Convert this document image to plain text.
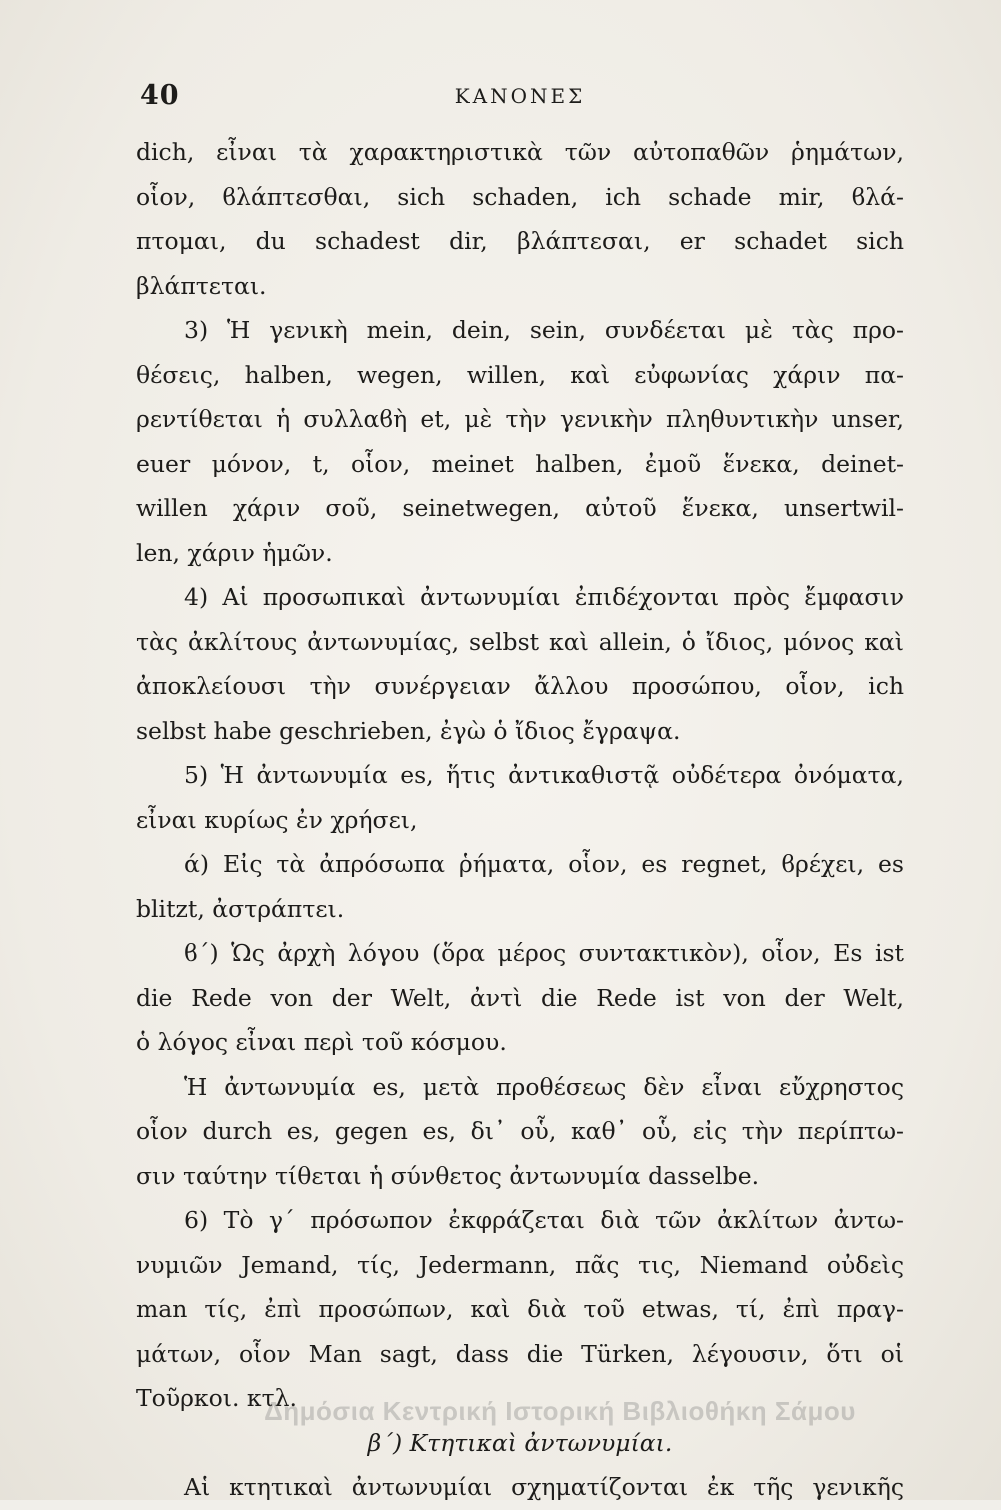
40	ΚΑΝΟΝΕΣ
dich, εἶναι τὰ χαρακτηριστικὰ τῶν αὐτοπαθῶν ῥημάτων,
οἷον, ϐλάπτεσθαι, sich schaden, ich schade mir, ϐλά-
πτομαι, du schadest dir, βλάπτεσαι, er schadet sich
βλάπτεται.
3) Ἡ γενικὴ mein, dein, sein, συνδέεται μὲ τὰς προ-
θέσεις, halben, wegen, willen, καὶ εὐφωνίας χάριν πα-
ρεντίθεται ἡ συλλαϐὴ et, μὲ τὴν γενικὴν πληθυντικὴν unser,
euer μόνον, t, οἷον, meinet halben, ἐμοῦ ἕνεκα, deinet-
willen χάριν σοῦ, seinetwegen, αὐτοῦ ἕνεκα, unsertwil-
len, χάριν ἡμῶν.
4) Αἱ προσωπικαὶ ἀντωνυμίαι ἐπιδέχονται πρὸς ἔμφασιν
τὰς ἀκλίτους ἀντωνυμίας, selbst καὶ allein, ὁ ἴδιος, μόνος καὶ
ἀποκλείουσι τὴν συνέργειαν ἄλλου προσώπου, οἷον, ich
selbst habe geschrieben, ἐγὼ ὁ ἴδιος ἔγραψα.
5) Ἡ ἀντωνυμία es, ἥτις ἀντικαθιστᾷ οὐδέτερα ὀνόματα,
εἶναι κυρίως ἐν χρήσει,
ά) Εἰς τὰ ἀπρόσωπα ῥήματα, οἷον, es regnet, ϐρέχει, es
blitzt, ἀστράπτει.
ϐ΄) Ὡς ἀρχὴ λόγου (ὅρα μέρος συντακτικὸν), οἷον, Es ist
die Rede von der Welt, ἀντὶ die Rede ist von der Welt,
ὁ λόγος εἶναι περὶ τοῦ κόσμου.
Ἡ ἀντωνυμία es, μετὰ προθέσεως δὲν εἶναι εὔχρηστος
οἷον durch es, gegen es, δι᾽ οὗ, καθ᾽ οὗ, εἰς τὴν περίπτω-
σιν ταύτην τίθεται ἡ σύνθετος ἀντωνυμία dasselbe.
6) Τὸ γ΄ πρόσωπον ἐκφράζεται διὰ τῶν ἀκλίτων ἀντω-
νυμιῶν Jemand, τίς, Jedermann, πᾶς τις, Niemand οὐδεὶς
man τίς, ἐπὶ προσώπων, καὶ διὰ τοῦ etwas, τί, ἐπὶ πραγ-
μάτων, οἷον Man sagt, dass die Türken, λέγουσιν, ὅτι οἱ
Τοῦρκοι. κτλ.
β΄) Κτητικαὶ ἀντωνυμίαι.
Αἱ κτητικαὶ ἀντωνυμίαι σχηματίζονται ἐκ τῆς γενικῆς
Δημόσια Κεντρική Ιστορική Βιβλιοθήκη Σάμου
